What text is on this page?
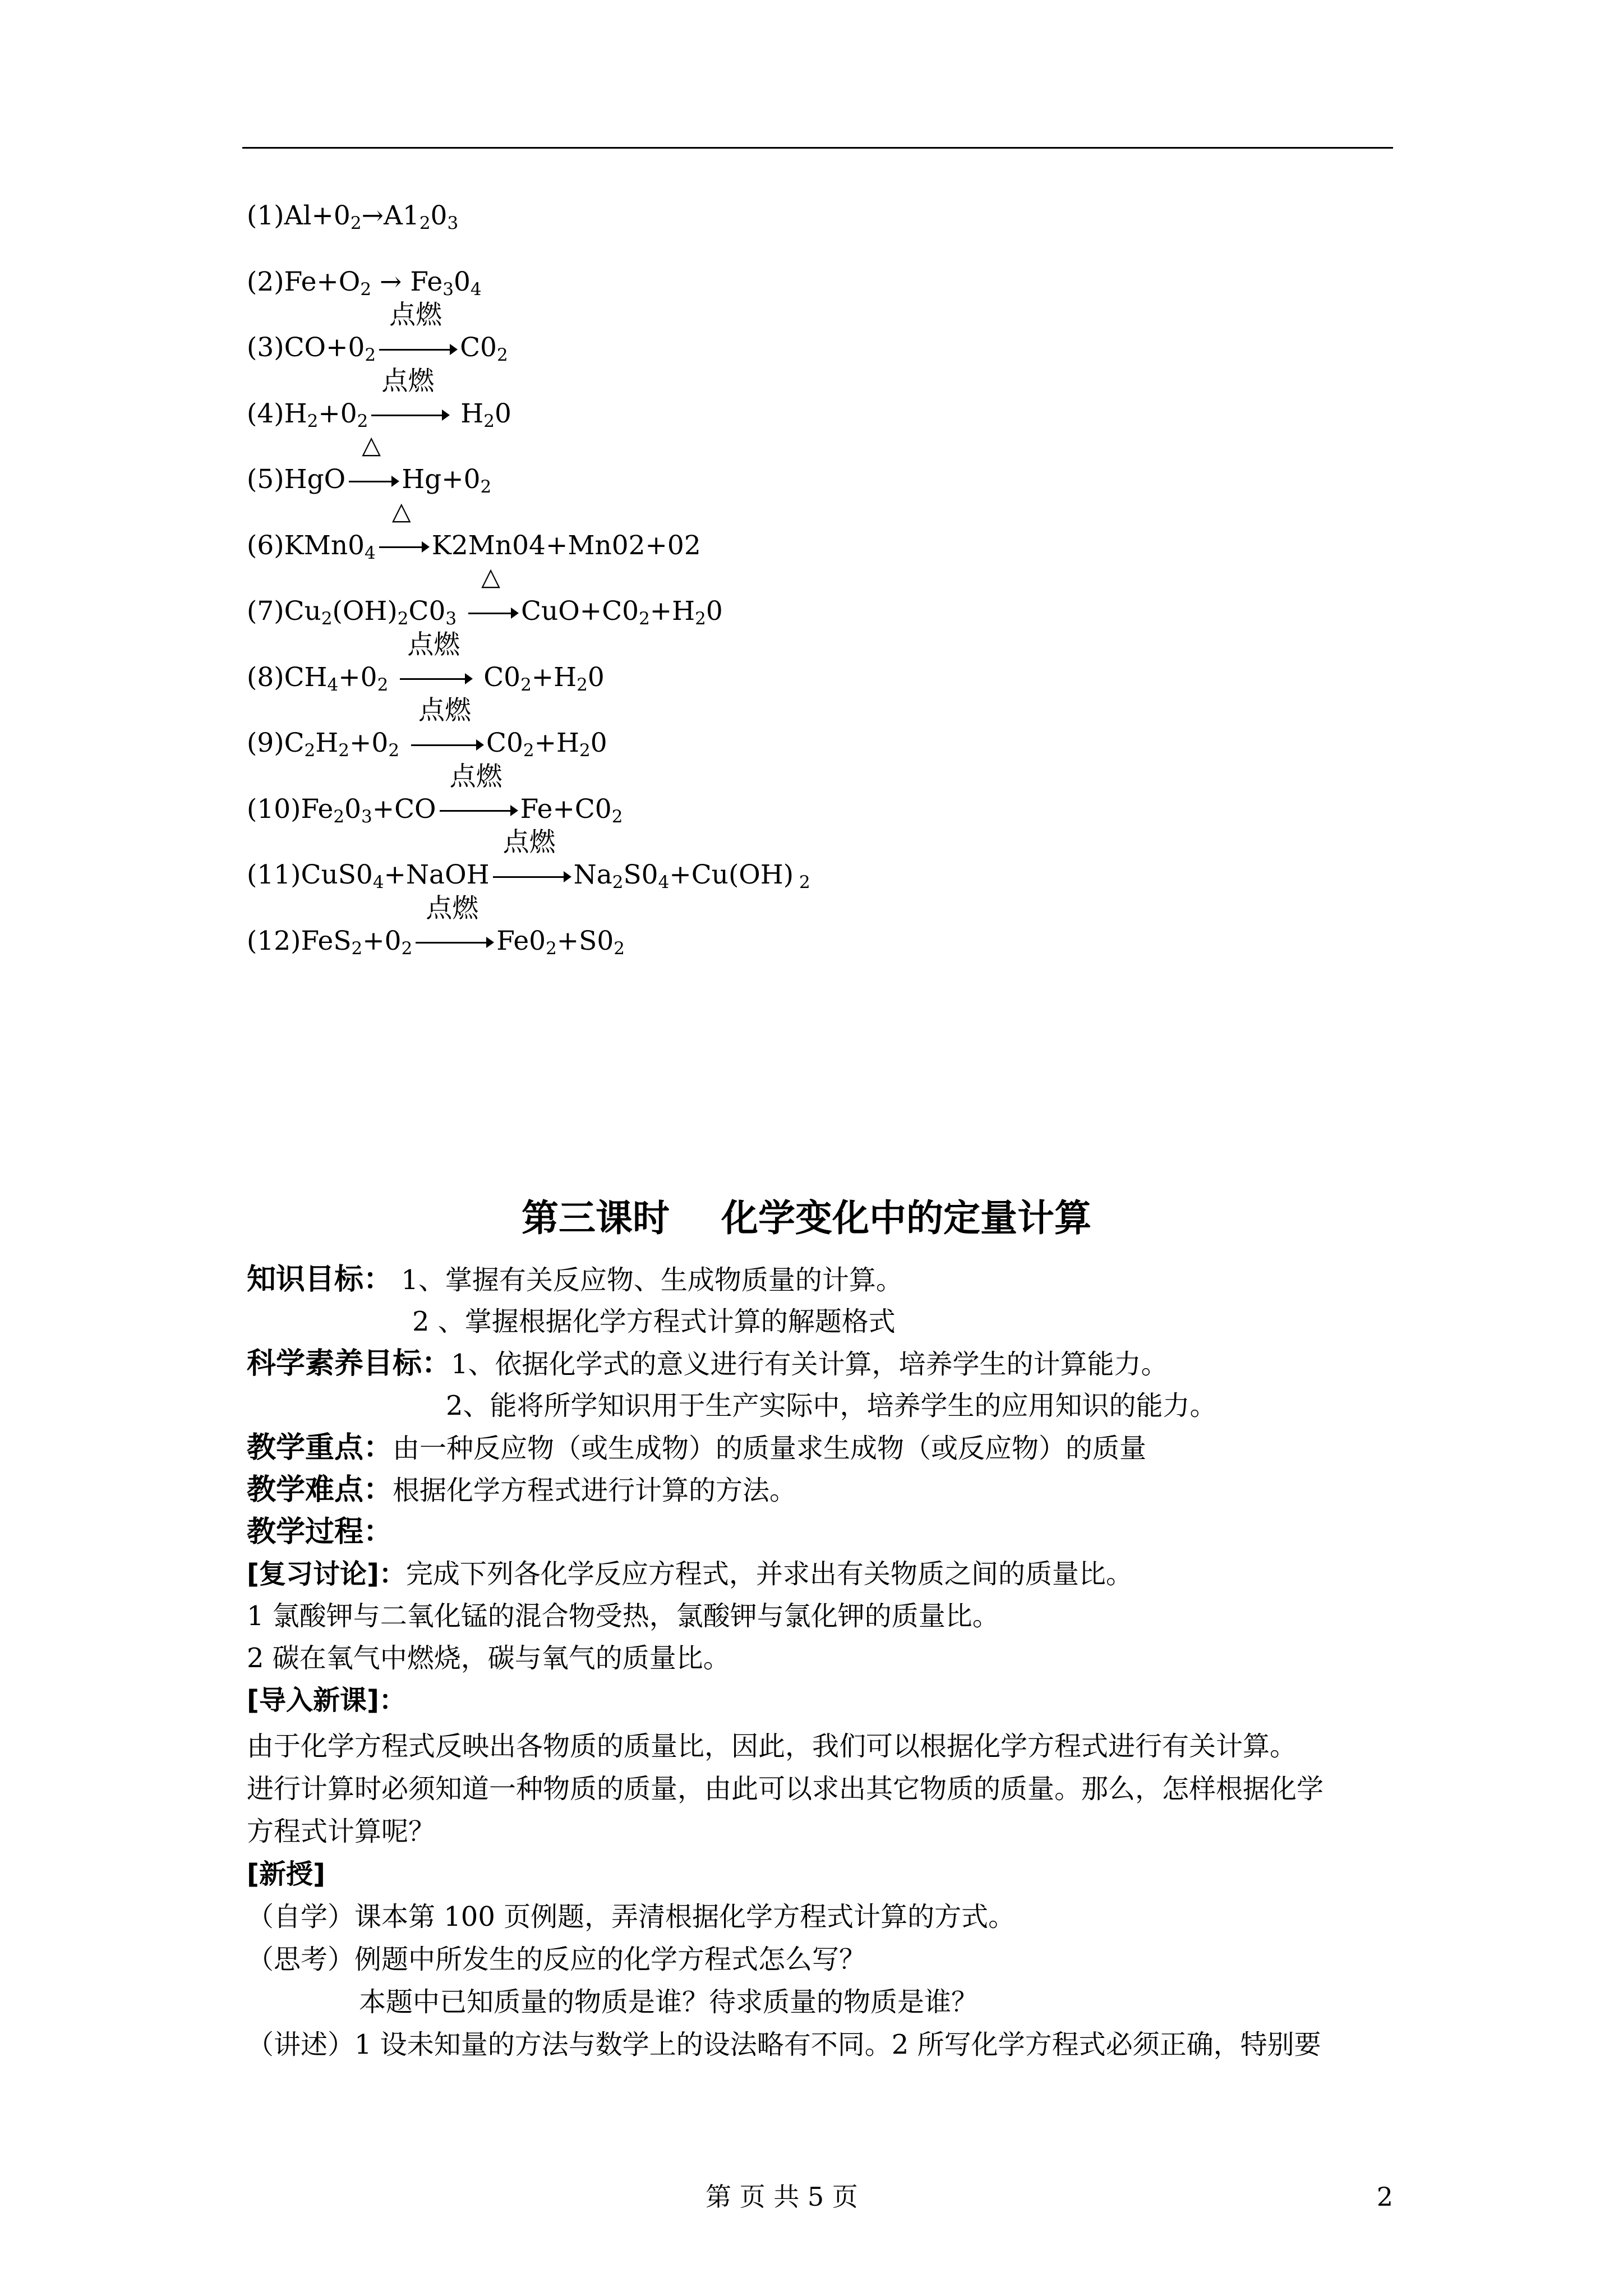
$(1)Al+0_2\to A1_20_3$
$(2)Fe+O_2 \to Fe_30_4$
$(3)CO+0_2 \to C0_2$
点燃
$(4)H_2+0_2 \to H_20$
点燃
$(5)HgO \to Hg+0_2$
△
$(6)KMn0_4 \to K2Mn04+Mn02+02$
△
$(7)Cu_2(OH)_2C0_3 \to CuO+C0_2+H_20$
△
$(8)CH_4+0_2 \to C0_2+H_20$
点燃
$(9)C_2H_2+0_2 \to C0_2+H_20$
点燃
$(10)Fe_20_3+CO \to Fe+C0_2$
点燃
$(11)CuS0_4+NaOH \to Na_2S0_4+Cu(OH)$ $_2$
点燃
$(12)FeS_2+0_2 \to Fe0_2+S0_2$
点燃
第三课时 化学变化中的定量计算
知识目标： 1、掌握有关反应物、生成物质量的计算。
2 、掌握根据化学方程式计算的解题格式
科学素养目标：1、依据化学式的意义进行有关计算，培养学生的计算能力。
2、能将所学知识用于生产实际中，培养学生的应用知识的能力。
教学重点：由一种反应物（或生成物）的质量求生成物（或反应物）的质量
教学难点：根据化学方程式进行计算的方法。
教学过程：
[复习讨论]：完成下列各化学反应方程式，并求出有关物质之间的质量比。
1 氯酸钾与二氧化锰的混合物受热，氯酸钾与氯化钾的质量比。
2 碳在氧气中燃烧，碳与氧气的质量比。
[导入新课]：
由于化学方程式反映出各物质的质量比，因此，我们可以根据化学方程式进行有关计算。
进行计算时必须知道一种物质的质量，由此可以求出其它物质的质量。那么，怎样根据化学
方程式计算呢？
[新授]
（自学）课本第 100 页例题，弄清根据化学方程式计算的方式。
（思考）例题中所发生的反应的化学方程式怎么写？
本题中已知质量的物质是谁？待求质量的物质是谁？
（讲述）1 设未知量的方法与数学上的设法略有不同。2 所写化学方程式必须正确，特别要
第 页 共 5 页	2
